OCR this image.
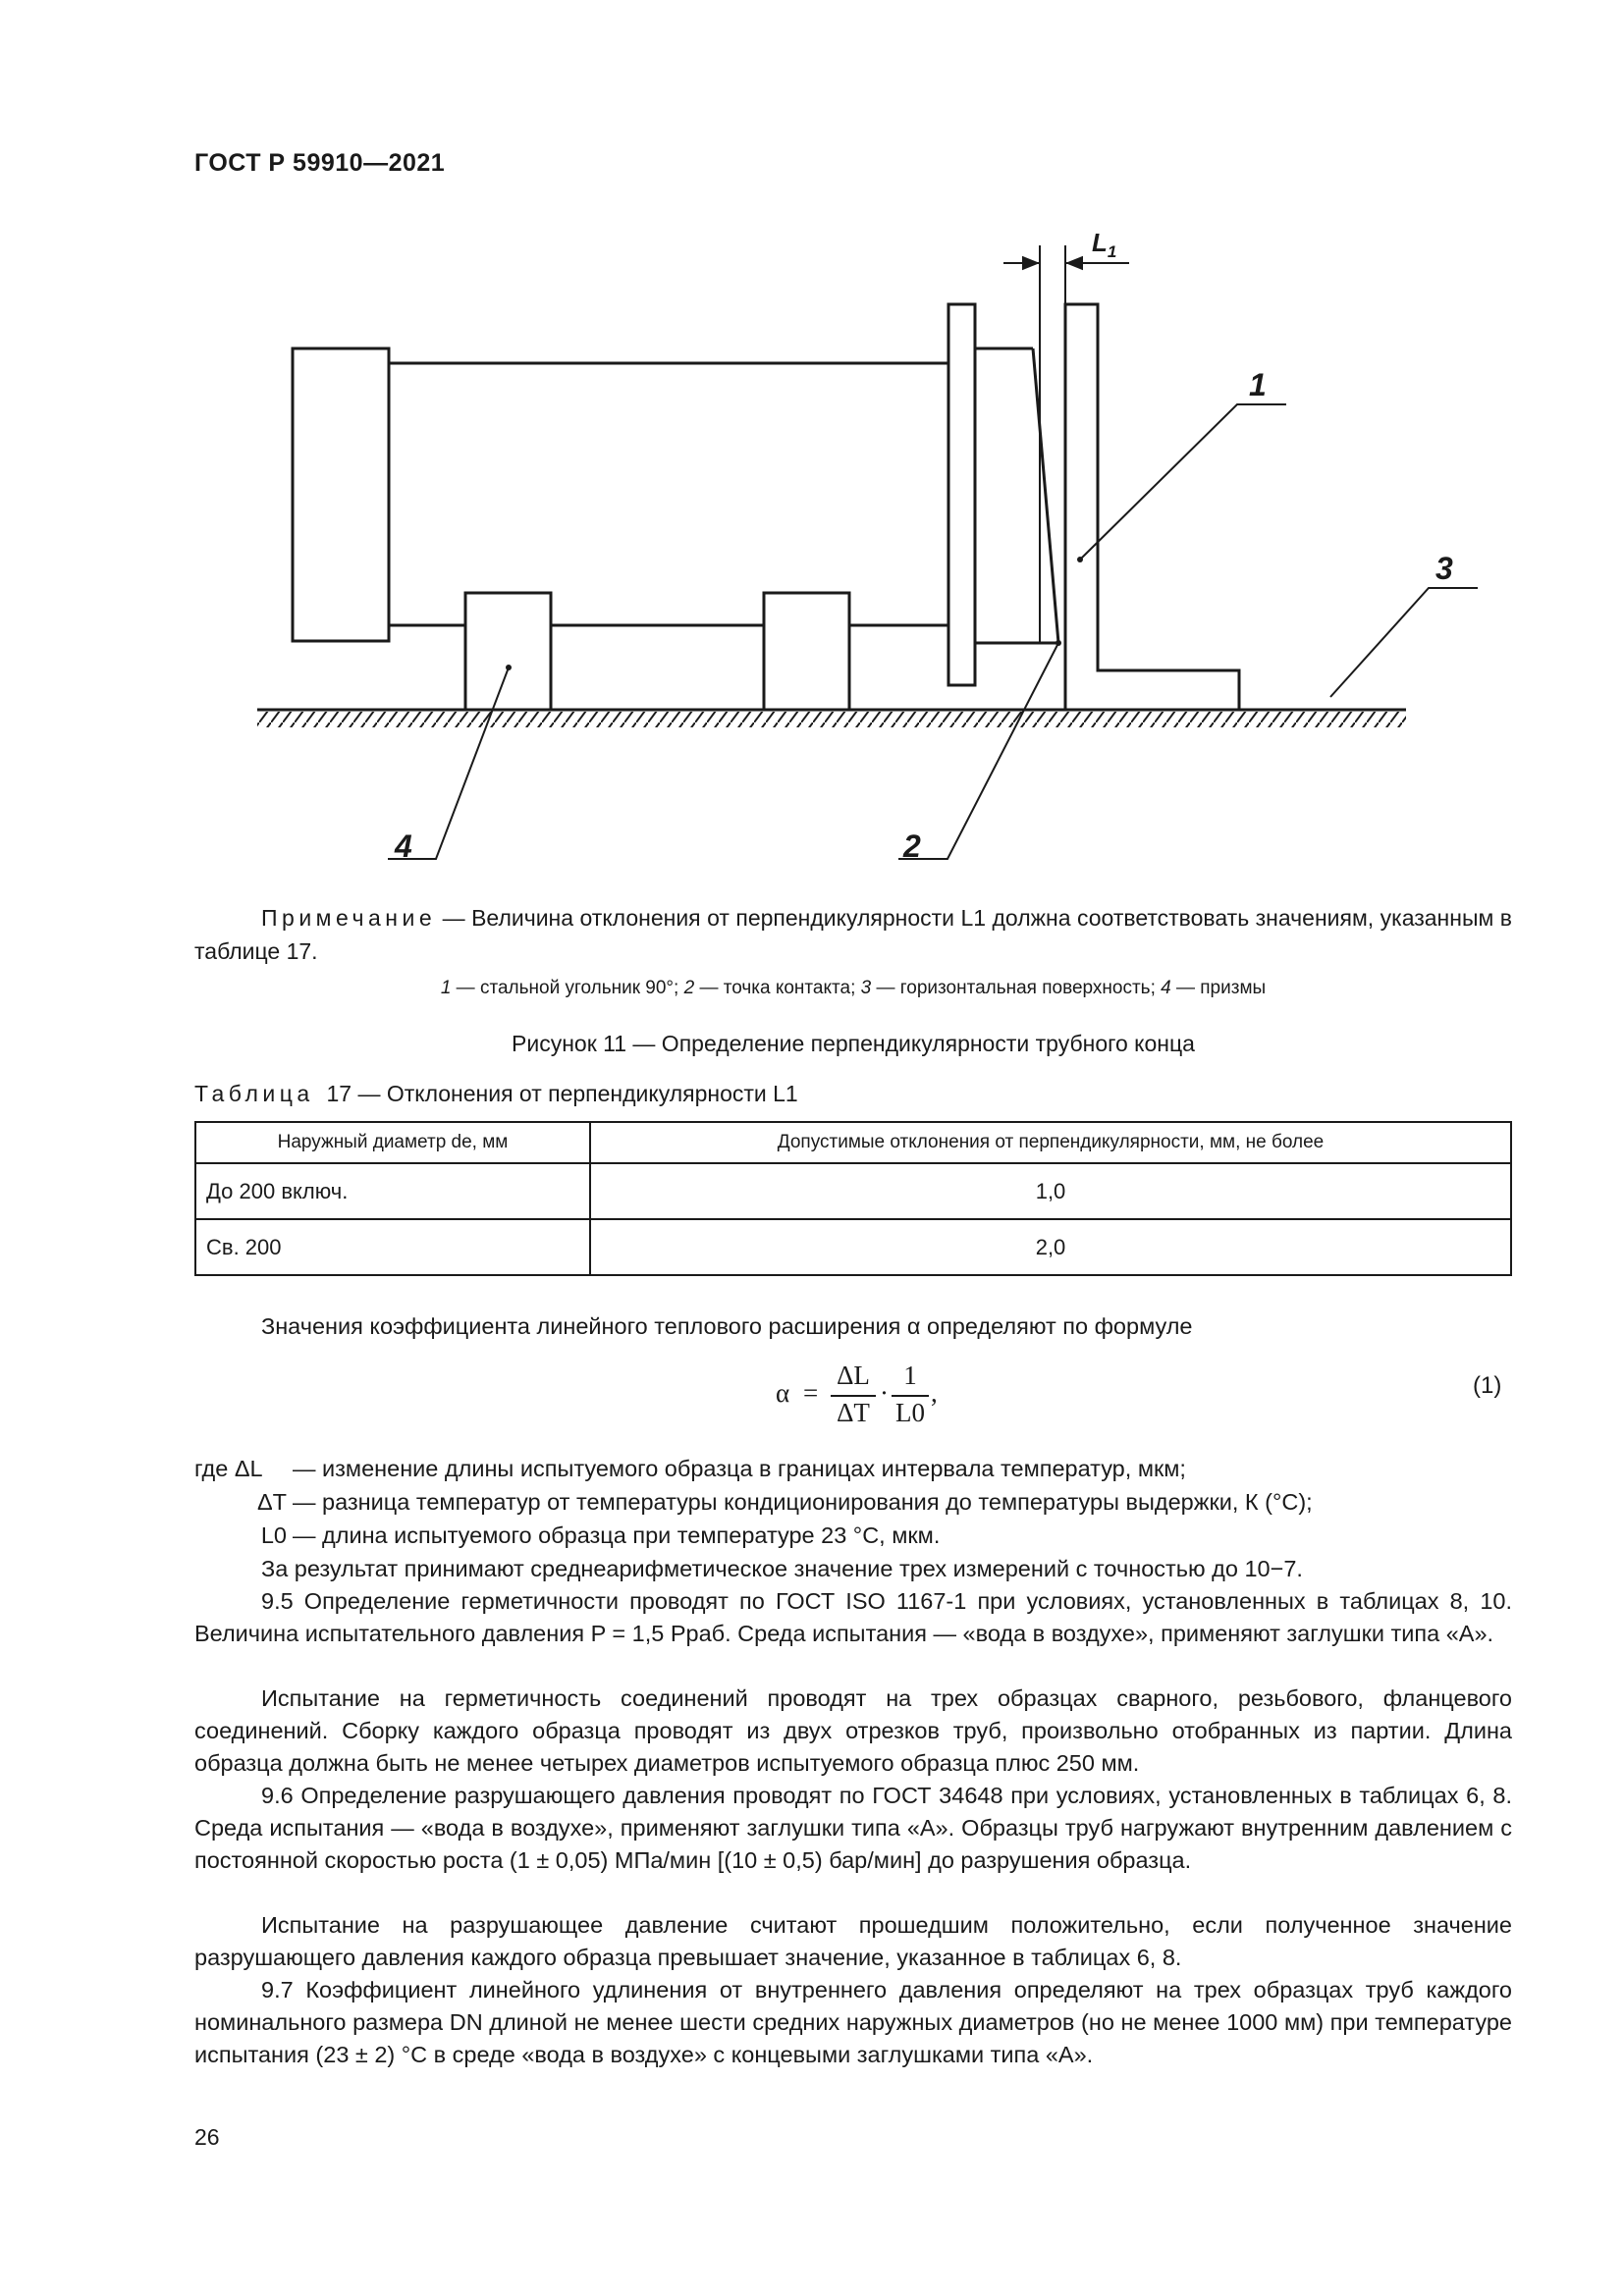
ГОСТ Р 59910—2021
$L_1$
1
2
3
4
Примечание — Величина отклонения от перпендикулярности L1 должна соответствовать значениям, указанным в таблице 17.
1 — стальной угольник 90°; 2 — точка контакта; 3 — горизонтальная поверхность; 4 — призмы
Рисунок 11 — Определение перпендикулярности трубного конца
Таблица 17 — Отклонения от перпендикулярности L1
Наружный диаметр de, мм	Допустимые отклонения от перпендикулярности, мм, не более
До 200 включ.	1,0
Св. 200	2,0
Значения коэффициента линейного теплового расширения α определяют по формуле
α =
ΔL
ΔT
·
1
L0
,	(1)
где ΔL — изменение длины испытуемого образца в границах интервала температур, мкм;
ΔT — разница температур от температуры кондиционирования до температуры выдержки, К (°С);
L0 — длина испытуемого образца при температуре 23 °С, мкм.
За результат принимают среднеарифметическое значение трех измерений с точностью до 10−7.
9.5 Определение герметичности проводят по ГОСТ ISO 1167-1 при условиях, установленных в таблицах 8, 10. Величина испытательного давления P = 1,5 Pраб. Среда испытания — «вода в воздухе», применяют заглушки типа «А».
Испытание на герметичность соединений проводят на трех образцах сварного, резьбового, фланцевого соединений. Сборку каждого образца проводят из двух отрезков труб, произвольно отобранных из партии. Длина образца должна быть не менее четырех диаметров испытуемого образца плюс 250 мм.
9.6 Определение разрушающего давления проводят по ГОСТ 34648 при условиях, установленных в таблицах 6, 8. Среда испытания — «вода в воздухе», применяют заглушки типа «А». Образцы труб нагружают внутренним давлением с постоянной скоростью роста (1 ± 0,05) МПа/мин [(10 ± 0,5) бар/мин] до разрушения образца.
Испытание на разрушающее давление считают прошедшим положительно, если полученное значение разрушающего давления каждого образца превышает значение, указанное в таблицах 6, 8.
9.7 Коэффициент линейного удлинения от внутреннего давления определяют на трех образцах труб каждого номинального размера DN длиной не менее шести средних наружных диаметров (но не менее 1000 мм) при температуре испытания (23 ± 2) °С в среде «вода в воздухе» с концевыми заглушками типа «А».
26
